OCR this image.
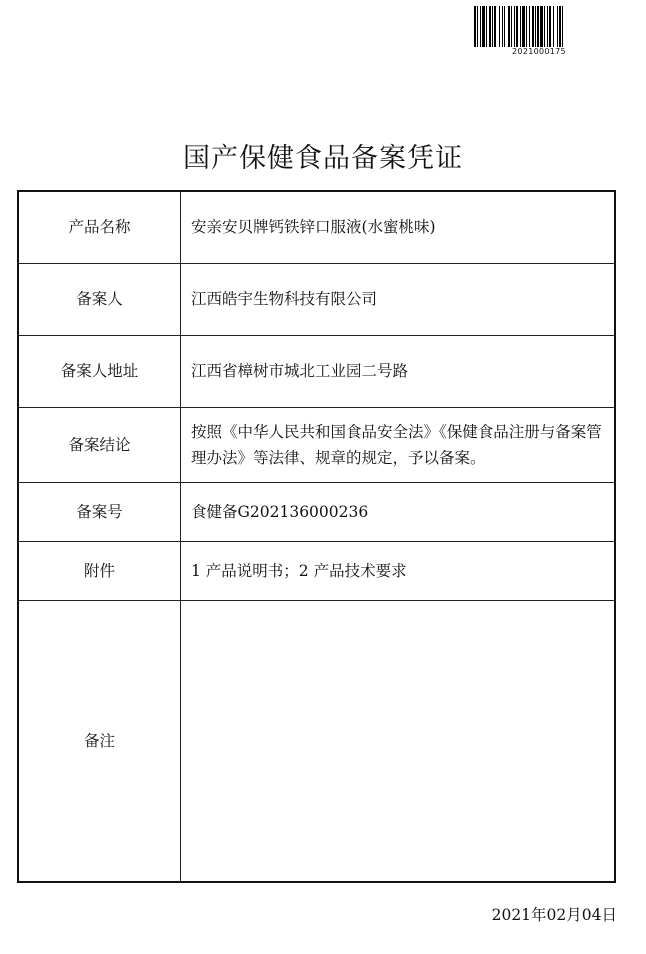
2021000175
国产保健食品备案凭证
产品名称	安亲安贝牌钙铁锌口服液(水蜜桃味)
备案人	江西皓宇生物科技有限公司
备案人地址	江西省樟树市城北工业园二号路
备案结论	按照《中华人民共和国食品安全法》《保健食品注册与备案管理办法》等法律、规章的规定，予以备案。
备案号	食健备G202136000236
附件	1 产品说明书；2 产品技术要求
备注	
2021年02月04日
